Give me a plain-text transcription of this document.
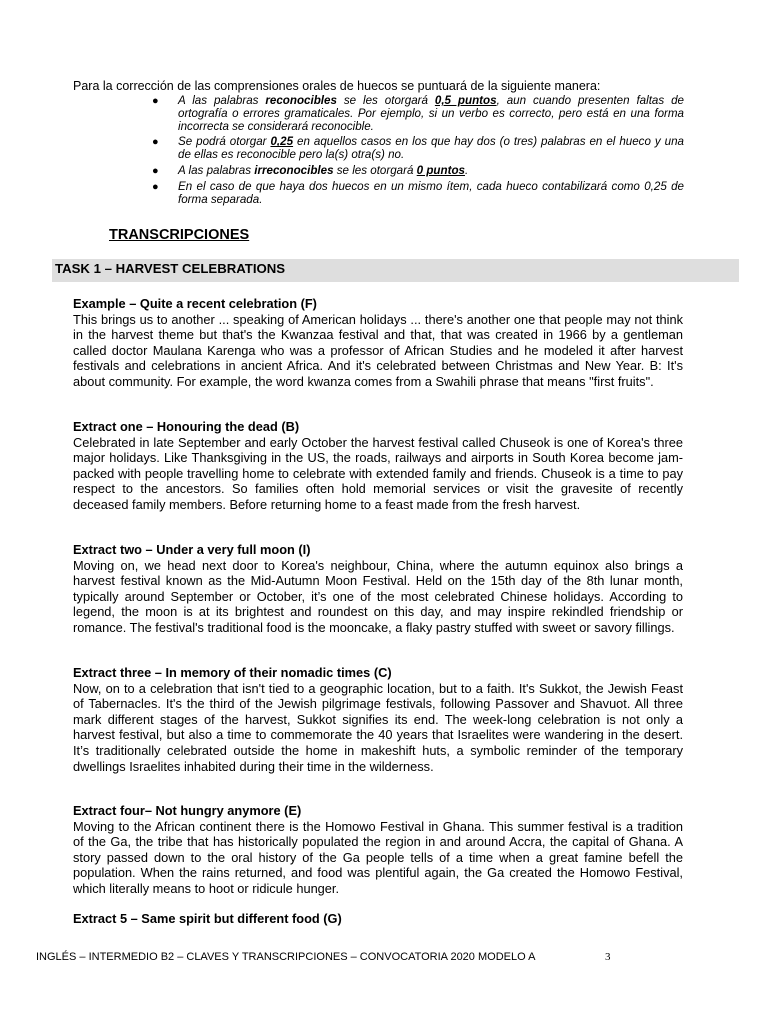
Para la corrección de las comprensiones orales de huecos se puntuará de la siguiente manera:
● A las palabras reconocibles se les otorgará 0,5 puntos, aun cuando presenten faltas de ortografía o errores gramaticales. Por ejemplo, si un verbo es correcto, pero está en una forma incorrecta se considerará reconocible.
● Se podrá otorgar 0,25 en aquellos casos en los que hay dos (o tres) palabras en el hueco y una de ellas es reconocible pero la(s) otra(s) no.
● A las palabras irreconocibles se les otorgará 0 puntos.
● En el caso de que haya dos huecos en un mismo ítem, cada hueco contabilizará como 0,25 de forma separada.
TRANSCRIPCIONES
TASK 1 – HARVEST CELEBRATIONS
Example – Quite a recent celebration (F)

This brings us to another ... speaking of American holidays ... there's another one that people may not think in the harvest theme but that's the Kwanzaa festival and that, that was created in 1966 by a gentleman called doctor Maulana Karenga who was a professor of African Studies and he modeled it after harvest festivals and celebrations in ancient Africa. And it's celebrated between Christmas and New Year. B: It's about community. For example, the word kwanza comes from a Swahili phrase that means "first fruits".

Extract one – Honouring the dead (B)

Celebrated in late September and early October the harvest festival called Chuseok is one of Korea's three major holidays. Like Thanksgiving in the US, the roads, railways and airports in South Korea become jam-packed with people travelling home to celebrate with extended family and friends. Chuseok is a time to pay respect to the ancestors. So families often hold memorial services or visit the gravesite of recently deceased family members. Before returning home to a feast made from the fresh harvest.

Extract two – Under a very full moon (I)

Moving on, we head next door to Korea's neighbour, China, where the autumn equinox also brings a harvest festival known as the Mid-Autumn Moon Festival. Held on the 15th day of the 8th lunar month, typically around September or October, it’s one of the most celebrated Chinese holidays. According to legend, the moon is at its brightest and roundest on this day, and may inspire rekindled friendship or romance. The festival's traditional food is the mooncake, a flaky pastry stuffed with sweet or savory fillings.

Extract three – In memory of their nomadic times (C)

Now, on to a celebration that isn't tied to a geographic location, but to a faith. It's Sukkot, the Jewish Feast of Tabernacles. It's the third of the Jewish pilgrimage festivals, following Passover and Shavuot. All three mark different stages of the harvest, Sukkot signifies its end. The week-long celebration is not only a harvest festival, but also a time to commemorate the 40 years that Israelites were wandering in the desert. It’s traditionally celebrated outside the home in makeshift huts, a symbolic reminder of the temporary dwellings Israelites inhabited during their time in the wilderness.

Extract four– Not hungry anymore (E)

Moving to the African continent there is the Homowo Festival in Ghana. This summer festival is a tradition of the Ga, the tribe that has historically populated the region in and around Accra, the capital of Ghana. A story passed down to the oral history of the Ga people tells of a time when a great famine befell the population. When the rains returned, and food was plentiful again, the Ga created the Homowo Festival, which literally means to hoot or ridicule hunger.

Extract 5 – Same spirit but different food (G)
INGLÉS – INTERMEDIO B2 – CLAVES Y TRANSCRIPCIONES – CONVOCATORIA 2020 MODELO A	3
